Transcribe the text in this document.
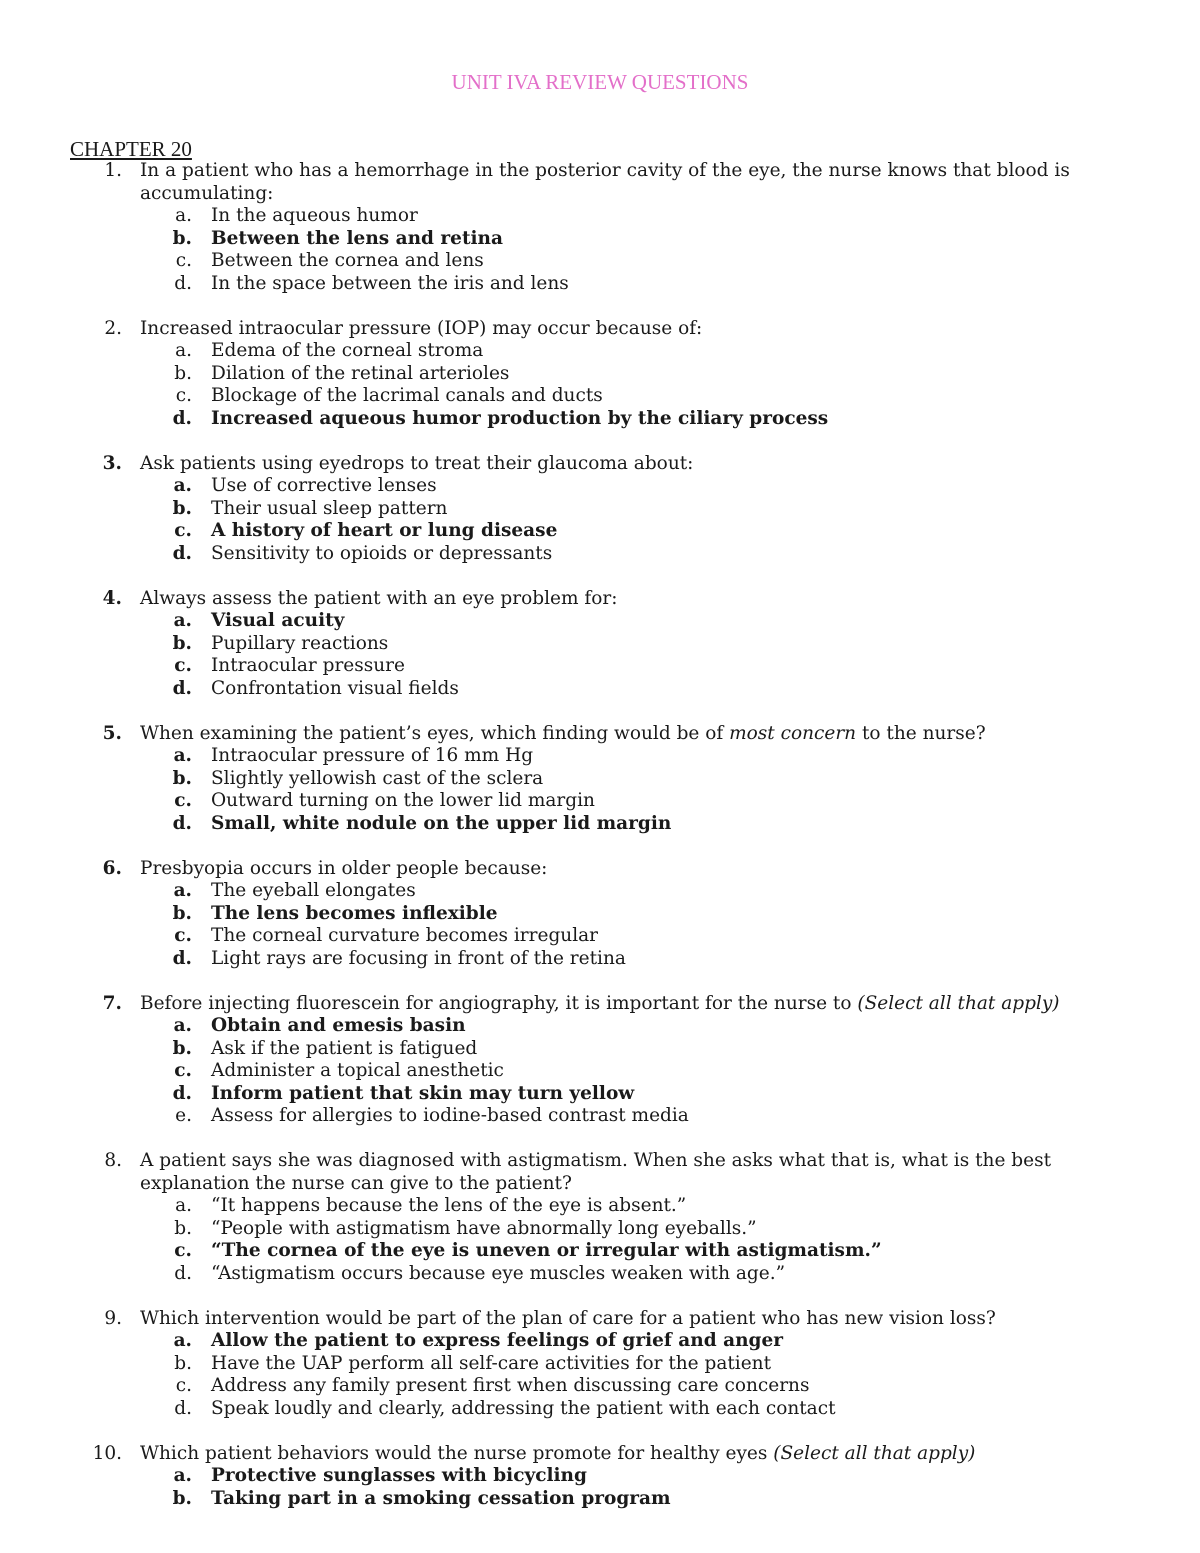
UNIT IVA REVIEW QUESTIONS
CHAPTER 20
1. In a patient who has a hemorrhage in the posterior cavity of the eye, the nurse knows that blood is accumulating:
a. In the aqueous humor
b. Between the lens and retina
c. Between the cornea and lens
d. In the space between the iris and lens
2. Increased intraocular pressure (IOP) may occur because of:
a. Edema of the corneal stroma
b. Dilation of the retinal arterioles
c. Blockage of the lacrimal canals and ducts
d. Increased aqueous humor production by the ciliary process
3. Ask patients using eyedrops to treat their glaucoma about:
a. Use of corrective lenses
b. Their usual sleep pattern
c. A history of heart or lung disease
d. Sensitivity to opioids or depressants
4. Always assess the patient with an eye problem for:
a. Visual acuity
b. Pupillary reactions
c. Intraocular pressure
d. Confrontation visual fields
5. When examining the patient’s eyes, which finding would be of most concern to the nurse?
a. Intraocular pressure of 16 mm Hg
b. Slightly yellowish cast of the sclera
c. Outward turning on the lower lid margin
d. Small, white nodule on the upper lid margin
6. Presbyopia occurs in older people because:
a. The eyeball elongates
b. The lens becomes inflexible
c. The corneal curvature becomes irregular
d. Light rays are focusing in front of the retina
7. Before injecting fluorescein for angiography, it is important for the nurse to (Select all that apply)
a. Obtain and emesis basin
b. Ask if the patient is fatigued
c. Administer a topical anesthetic
d. Inform patient that skin may turn yellow
e. Assess for allergies to iodine-based contrast media
8. A patient says she was diagnosed with astigmatism. When she asks what that is, what is the best explanation the nurse can give to the patient?
a. “It happens because the lens of the eye is absent.”
b. “People with astigmatism have abnormally long eyeballs.”
c. “The cornea of the eye is uneven or irregular with astigmatism.”
d. “Astigmatism occurs because eye muscles weaken with age.”
9. Which intervention would be part of the plan of care for a patient who has new vision loss?
a. Allow the patient to express feelings of grief and anger
b. Have the UAP perform all self-care activities for the patient
c. Address any family present first when discussing care concerns
d. Speak loudly and clearly, addressing the patient with each contact
10. Which patient behaviors would the nurse promote for healthy eyes (Select all that apply)
a. Protective sunglasses with bicycling
b. Taking part in a smoking cessation program
